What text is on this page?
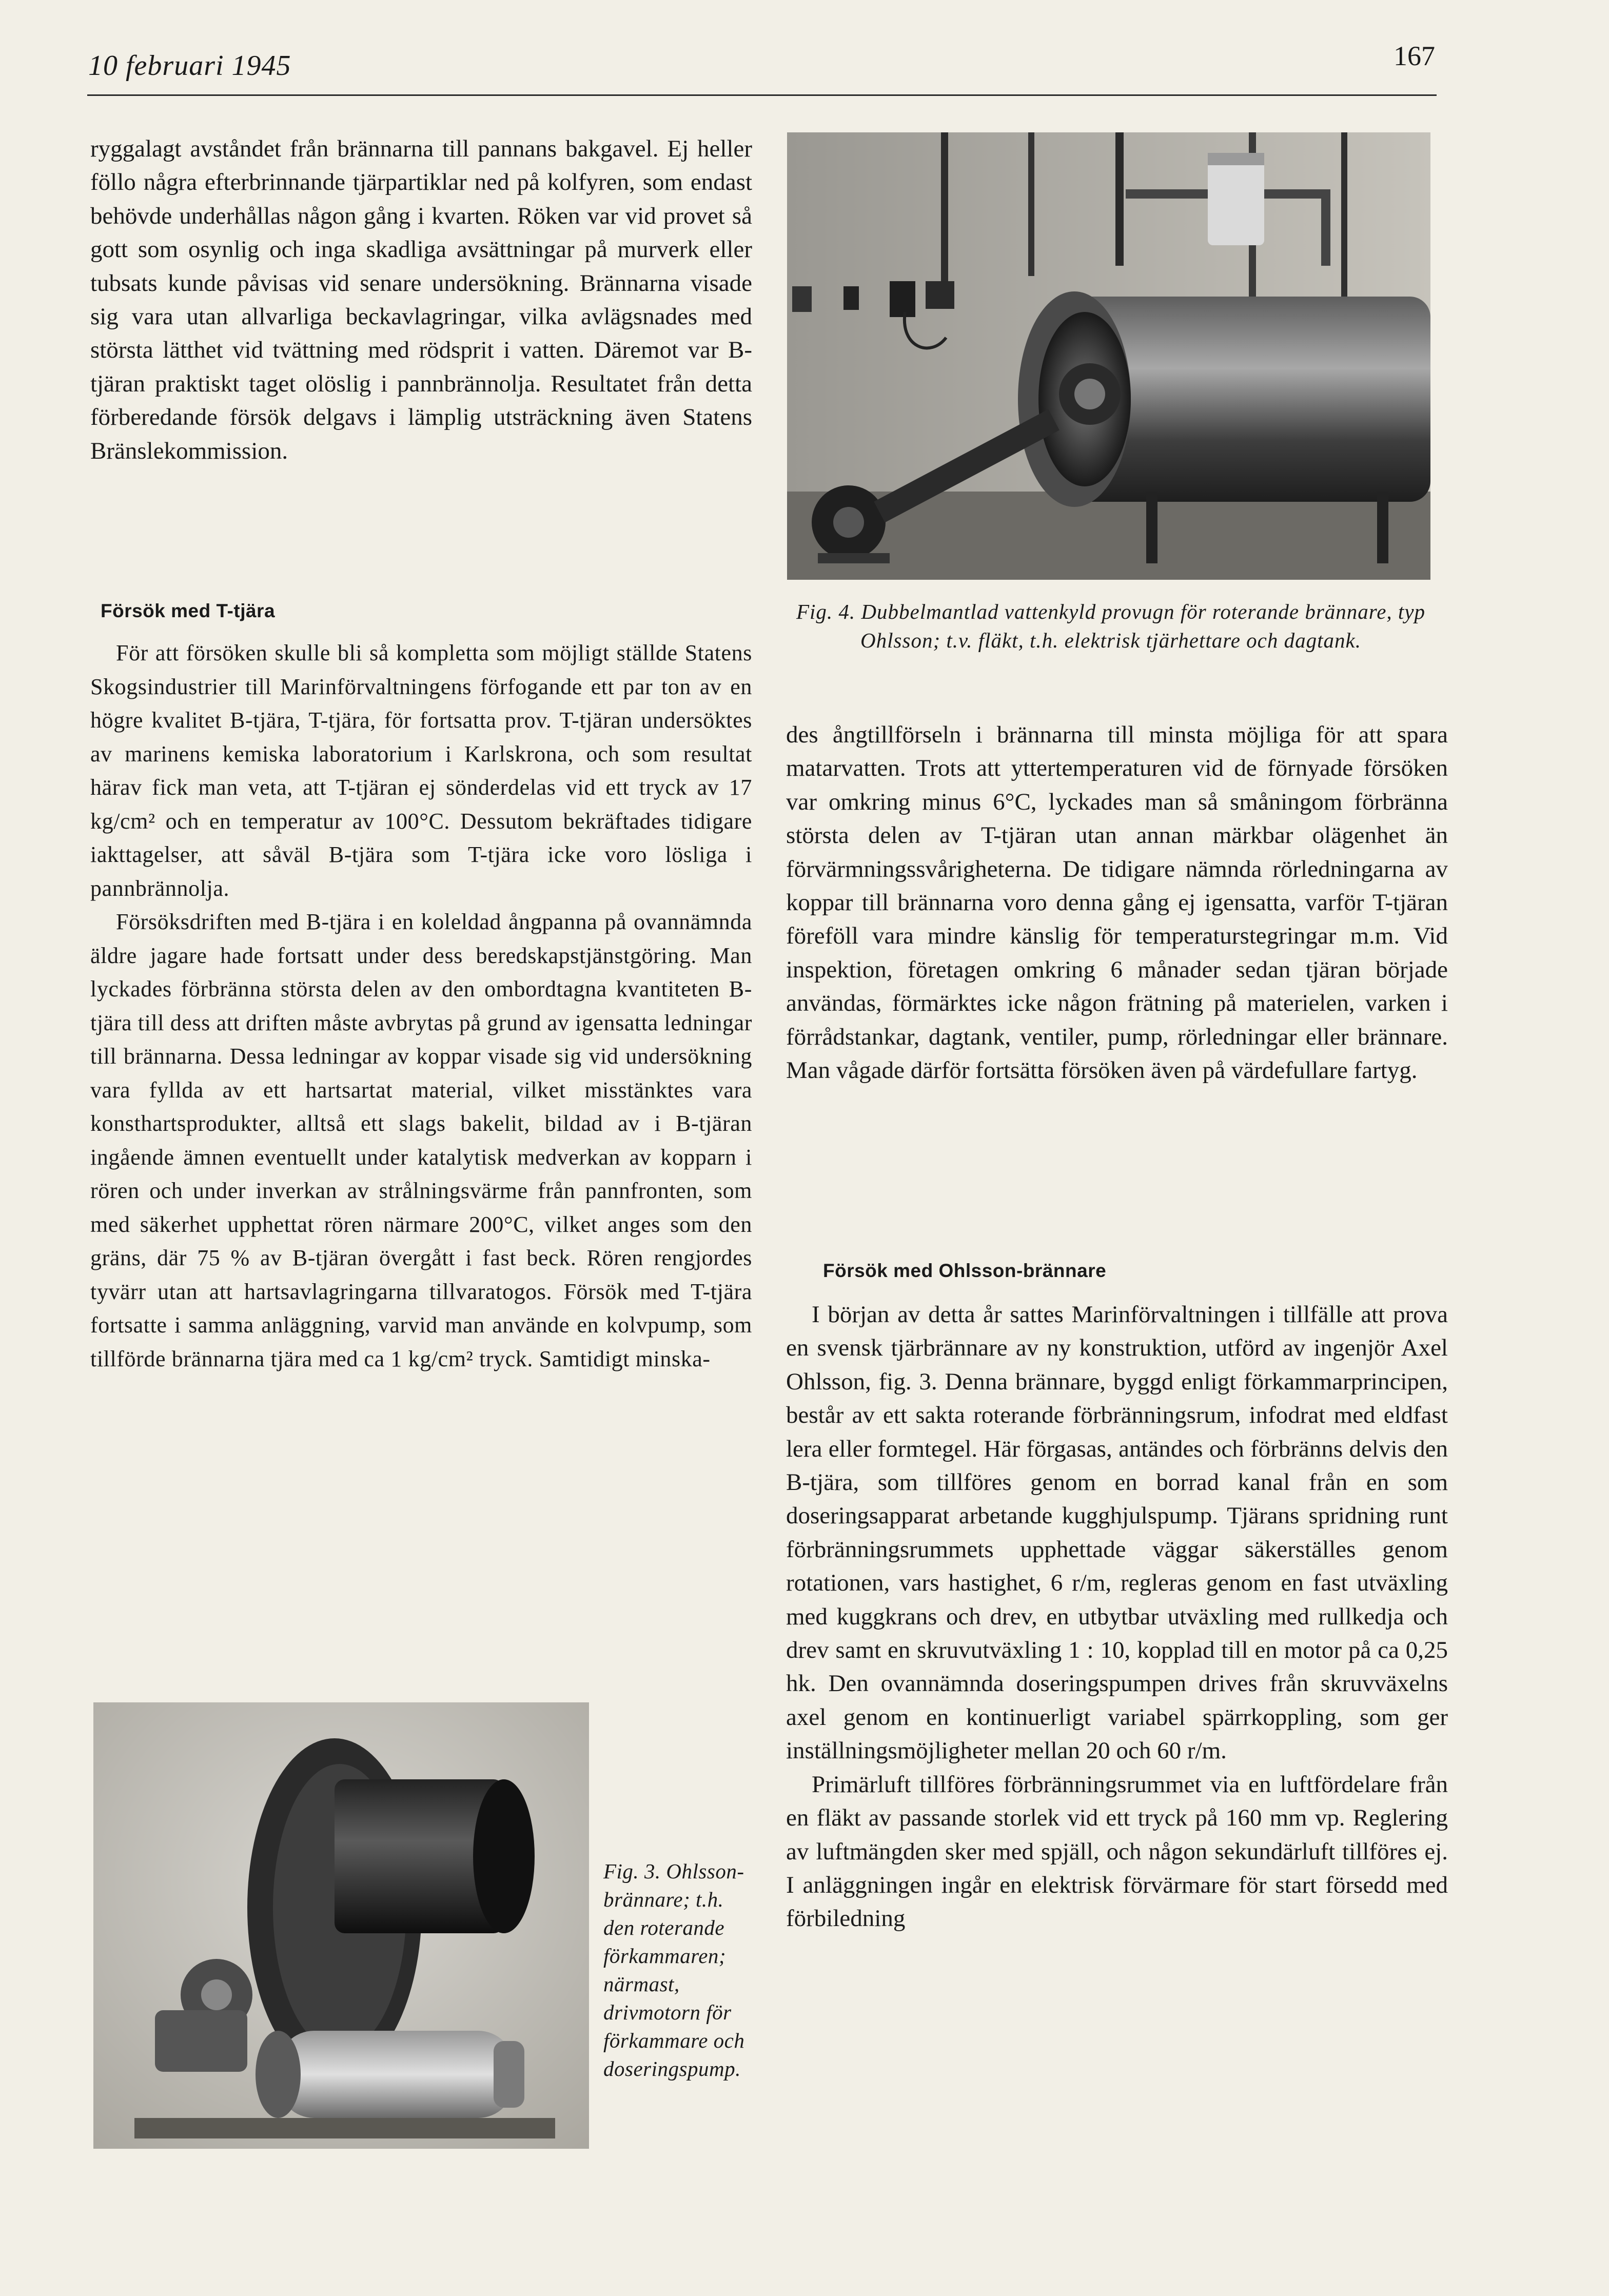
10 februari 1945	167

ryggalagt avståndet från brännarna till pannans bakgavel. Ej heller föllo några efterbrinnande tjärpartiklar ned på kolfyren, som endast behövde underhållas någon gång i kvarten. Röken var vid provet så gott som osynlig och inga skadliga avsättningar på murverk eller tubsats kunde påvisas vid senare undersökning. Brännarna visade sig vara utan allvarliga beckavlagringar, vilka avlägsnades med största lätthet vid tvättning med rödsprit i vatten. Däremot var B-tjäran praktiskt taget olöslig i pannbrännolja. Resultatet från detta förberedande försök delgavs i lämplig utsträckning även Statens Bränslekommission.

Försök med T-tjära

För att försöken skulle bli så kompletta som möjligt ställde Statens Skogsindustrier till Marinförvaltningens förfogande ett par ton av en högre kvalitet B-tjära, T-tjära, för fortsatta prov. T-tjäran undersöktes av marinens kemiska laboratorium i Karlskrona, och som resultat härav fick man veta, att T-tjäran ej sönderdelas vid ett tryck av 17 kg/cm² och en temperatur av 100°C. Dessutom bekräftades tidigare iakttagelser, att såväl B-tjära som T-tjära icke voro lösliga i pannbrännolja.

Försöksdriften med B-tjära i en koleldad ångpanna på ovannämnda äldre jagare hade fortsatt under dess beredskapstjänstgöring. Man lyckades förbränna största delen av den ombordtagna kvantiteten B-tjära till dess att driften måste avbrytas på grund av igensatta ledningar till brännarna. Dessa ledningar av koppar visade sig vid undersökning vara fyllda av ett hartsartat material, vilket misstänktes vara konsthartsprodukter, alltså ett slags bakelit, bildad av i B-tjäran ingående ämnen eventuellt under katalytisk medverkan av kopparn i rören och under inverkan av strålningsvärme från pannfronten, som med säkerhet upphettat rören närmare 200°C, vilket anges som den gräns, där 75 % av B-tjäran övergått i fast beck. Rören rengjordes tyvärr utan att hartsavlagringarna tillvaratogos. Försök med T-tjära fortsatte i samma anläggning, varvid man använde en kolvpump, som tillförde brännarna tjära med ca 1 kg/cm² tryck. Samtidigt minska-

Fig. 4. Dubbelmantlad vattenkyld provugn för roterande brännare, typ Ohlsson; t.v. fläkt, t.h. elektrisk tjärhettare och dagtank.

des ångtillförseln i brännarna till minsta möjliga för att spara matarvatten. Trots att yttertemperaturen vid de förnyade försöken var omkring minus 6°C, lyckades man så småningom förbränna största delen av T-tjäran utan annan märkbar olägenhet än förvärmningssvårigheterna. De tidigare nämnda rörledningarna av koppar till brännarna voro denna gång ej igensatta, varför T-tjäran föreföll vara mindre känslig för temperaturstegringar m.m. Vid inspektion, företagen omkring 6 månader sedan tjäran började användas, förmärktes icke någon frätning på materielen, varken i förrådstankar, dagtank, ventiler, pump, rörledningar eller brännare. Man vågade därför fortsätta försöken även på värdefullare fartyg.

Försök med Ohlsson-brännare

I början av detta år sattes Marinförvaltningen i tillfälle att prova en svensk tjärbrännare av ny konstruktion, utförd av ingenjör Axel Ohlsson, fig. 3. Denna brännare, byggd enligt förkammarprincipen, består av ett sakta roterande förbränningsrum, infodrat med eldfast lera eller formtegel. Här förgasas, antändes och förbränns delvis den B-tjära, som tillföres genom en borrad kanal från en som doseringsapparat arbetande kugghjulspump. Tjärans spridning runt förbränningsrummets upphettade väggar säkerställes genom rotationen, vars hastighet, 6 r/m, regleras genom en fast utväxling med kuggkrans och drev, en utbytbar utväxling med rullkedja och drev samt en skruvutväxling 1 : 10, kopplad till en motor på ca 0,25 hk. Den ovannämnda doseringspumpen drives från skruvväxelns axel genom en kontinuerligt variabel spärrkoppling, som ger inställningsmöjligheter mellan 20 och 60 r/m.

Primärluft tillföres förbränningsrummet via en luftfördelare från en fläkt av passande storlek vid ett tryck på 160 mm vp. Reglering av luftmängden sker med spjäll, och någon sekundärluft tillföres ej. I anläggningen ingår en elektrisk förvärmare för start försedd med förbiledning

Fig. 3. Ohlsson-brännare; t.h. den roterande förkammaren; närmast, drivmotorn för förkammare och doseringspump.
